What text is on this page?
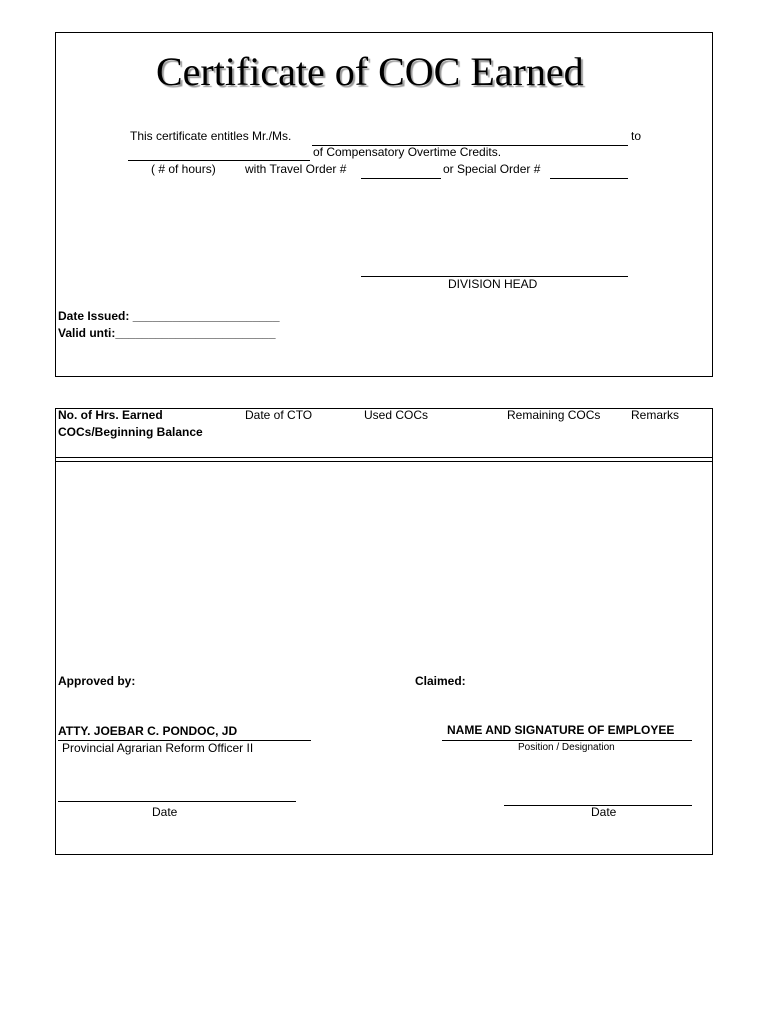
Certificate of COC Earned
This certificate entitles Mr./Ms.	to
of Compensatory Overtime Credits.
( # of hours) with Travel Order #	or Special Order #
DIVISION HEAD
Date Issued: ______________________
Valid unti:________________________
No. of Hrs. Earned
COCs/Beginning Balance
Date of CTO	Used COCs	Remaining COCs	Remarks
Approved by:	Claimed:
ATTY. JOEBAR C. PONDOC, JD
Provincial Agrarian Reform Officer II
NAME AND SIGNATURE OF EMPLOYEE
Position / Designation
Date	Date
